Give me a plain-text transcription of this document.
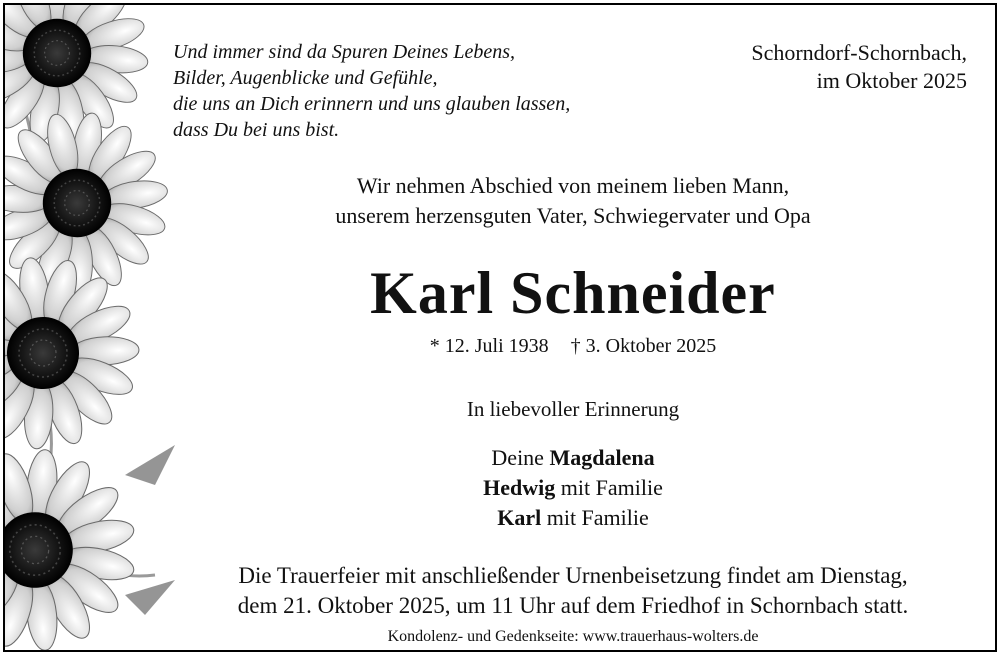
Und immer sind da Spuren Deines Lebens,
Bilder, Augenblicke und Gefühle,
die uns an Dich erinnern und uns glauben lassen,
dass Du bei uns bist.
Schorndorf-Schornbach,
im Oktober 2025
Wir nehmen Abschied von meinem lieben Mann,
unserem herzensguten Vater, Schwiegervater und Opa
Karl Schneider
* 12. Juli 1938 † 3. Oktober 2025
In liebevoller Erinnerung
Deine Magdalena
Hedwig mit Familie
Karl mit Familie
Die Trauerfeier mit anschließender Urnenbeisetzung findet am Dienstag,
dem 21. Oktober 2025, um 11 Uhr auf dem Friedhof in Schornbach statt.
Kondolenz- und Gedenkseite: www.trauerhaus-wolters.de
